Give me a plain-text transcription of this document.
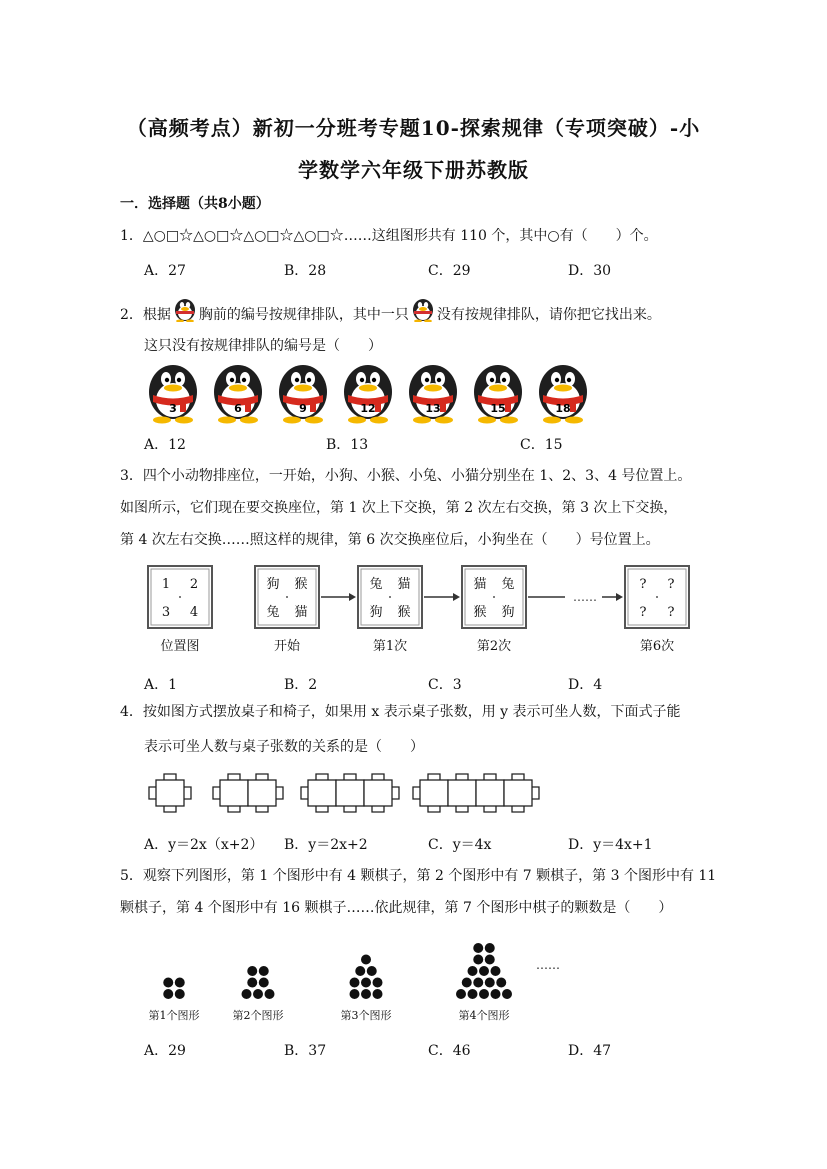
（高频考点）新初一分班考专题10-探索规律（专项突破）-小
学数学六年级下册苏教版
一．选择题（共8小题）
1．△○□☆△○□☆△○□☆△○□☆……这组图形共有 110 个，其中○有（　　）个。
A．27	B．28	C．29	D．30
2．根据 胸前的编号按规律排队，其中一只 没有按规律排队，请你把它找出来。
这只没有按规律排队的编号是（　　）
3	6	9	12	13	15	18
A．12	B．13	C．15
3．四个小动物排座位，一开始，小狗、小猴、小兔、小猫分别坐在 1、2、3、4 号位置上。
如图所示，它们现在要交换座位，第 1 次上下交换，第 2 次左右交换，第 3 次上下交换，
第 4 次左右交换……照这样的规律，第 6 次交换座位后，小狗坐在（　　）号位置上。
1 2
3 4
位置图
狗 猴
兔 猫
开始
兔 猫
狗 猴
第1次
猫 兔
猴 狗
第2次
? ?
? ?
第6次
……
A．1	B．2	C．3	D．4
4．按如图方式摆放桌子和椅子，如果用 x 表示桌子张数，用 y 表示可坐人数，下面式子能
表示可坐人数与桌子张数的关系的是（　　）
A．y＝2x（x+2） B．y＝2x+2	C．y＝4x	D．y＝4x+1
5．观察下列图形，第 1 个图形中有 4 颗棋子，第 2 个图形中有 7 颗棋子，第 3 个图形中有 11
颗棋子，第 4 个图形中有 16 颗棋子……依此规律，第 7 个图形中棋子的颗数是（　　）
第1个图形	第2个图形	第3个图形	第4个图形
……
A．29	B．37	C．46	D．47
